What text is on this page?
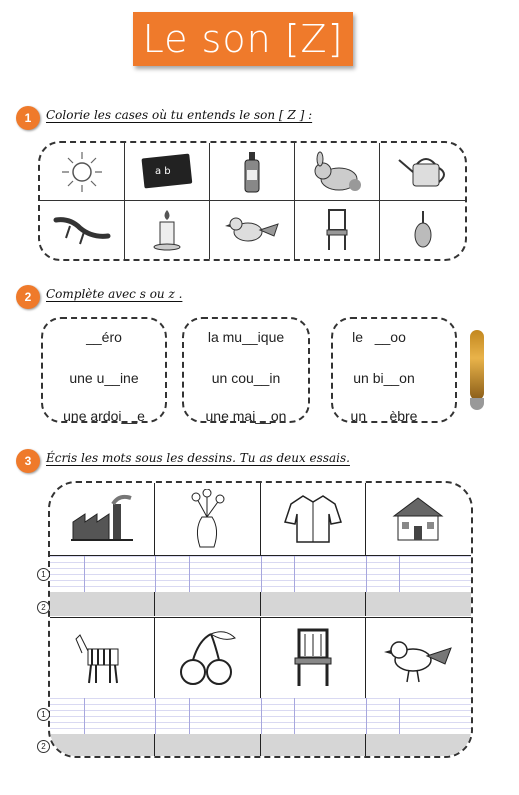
Le son [Z]
1	Colorie les cases où tu entends le son [ Z ] :
a b
2	Complète avec s ou z .
__éro
une u__ine
une ardoi__e
la mu__ique
un cou__in
une mai__on
le   __oo
un bi__on
un      èbre
3	Écris les mots sous les dessins. Tu as deux essais.
1
2
1
2
